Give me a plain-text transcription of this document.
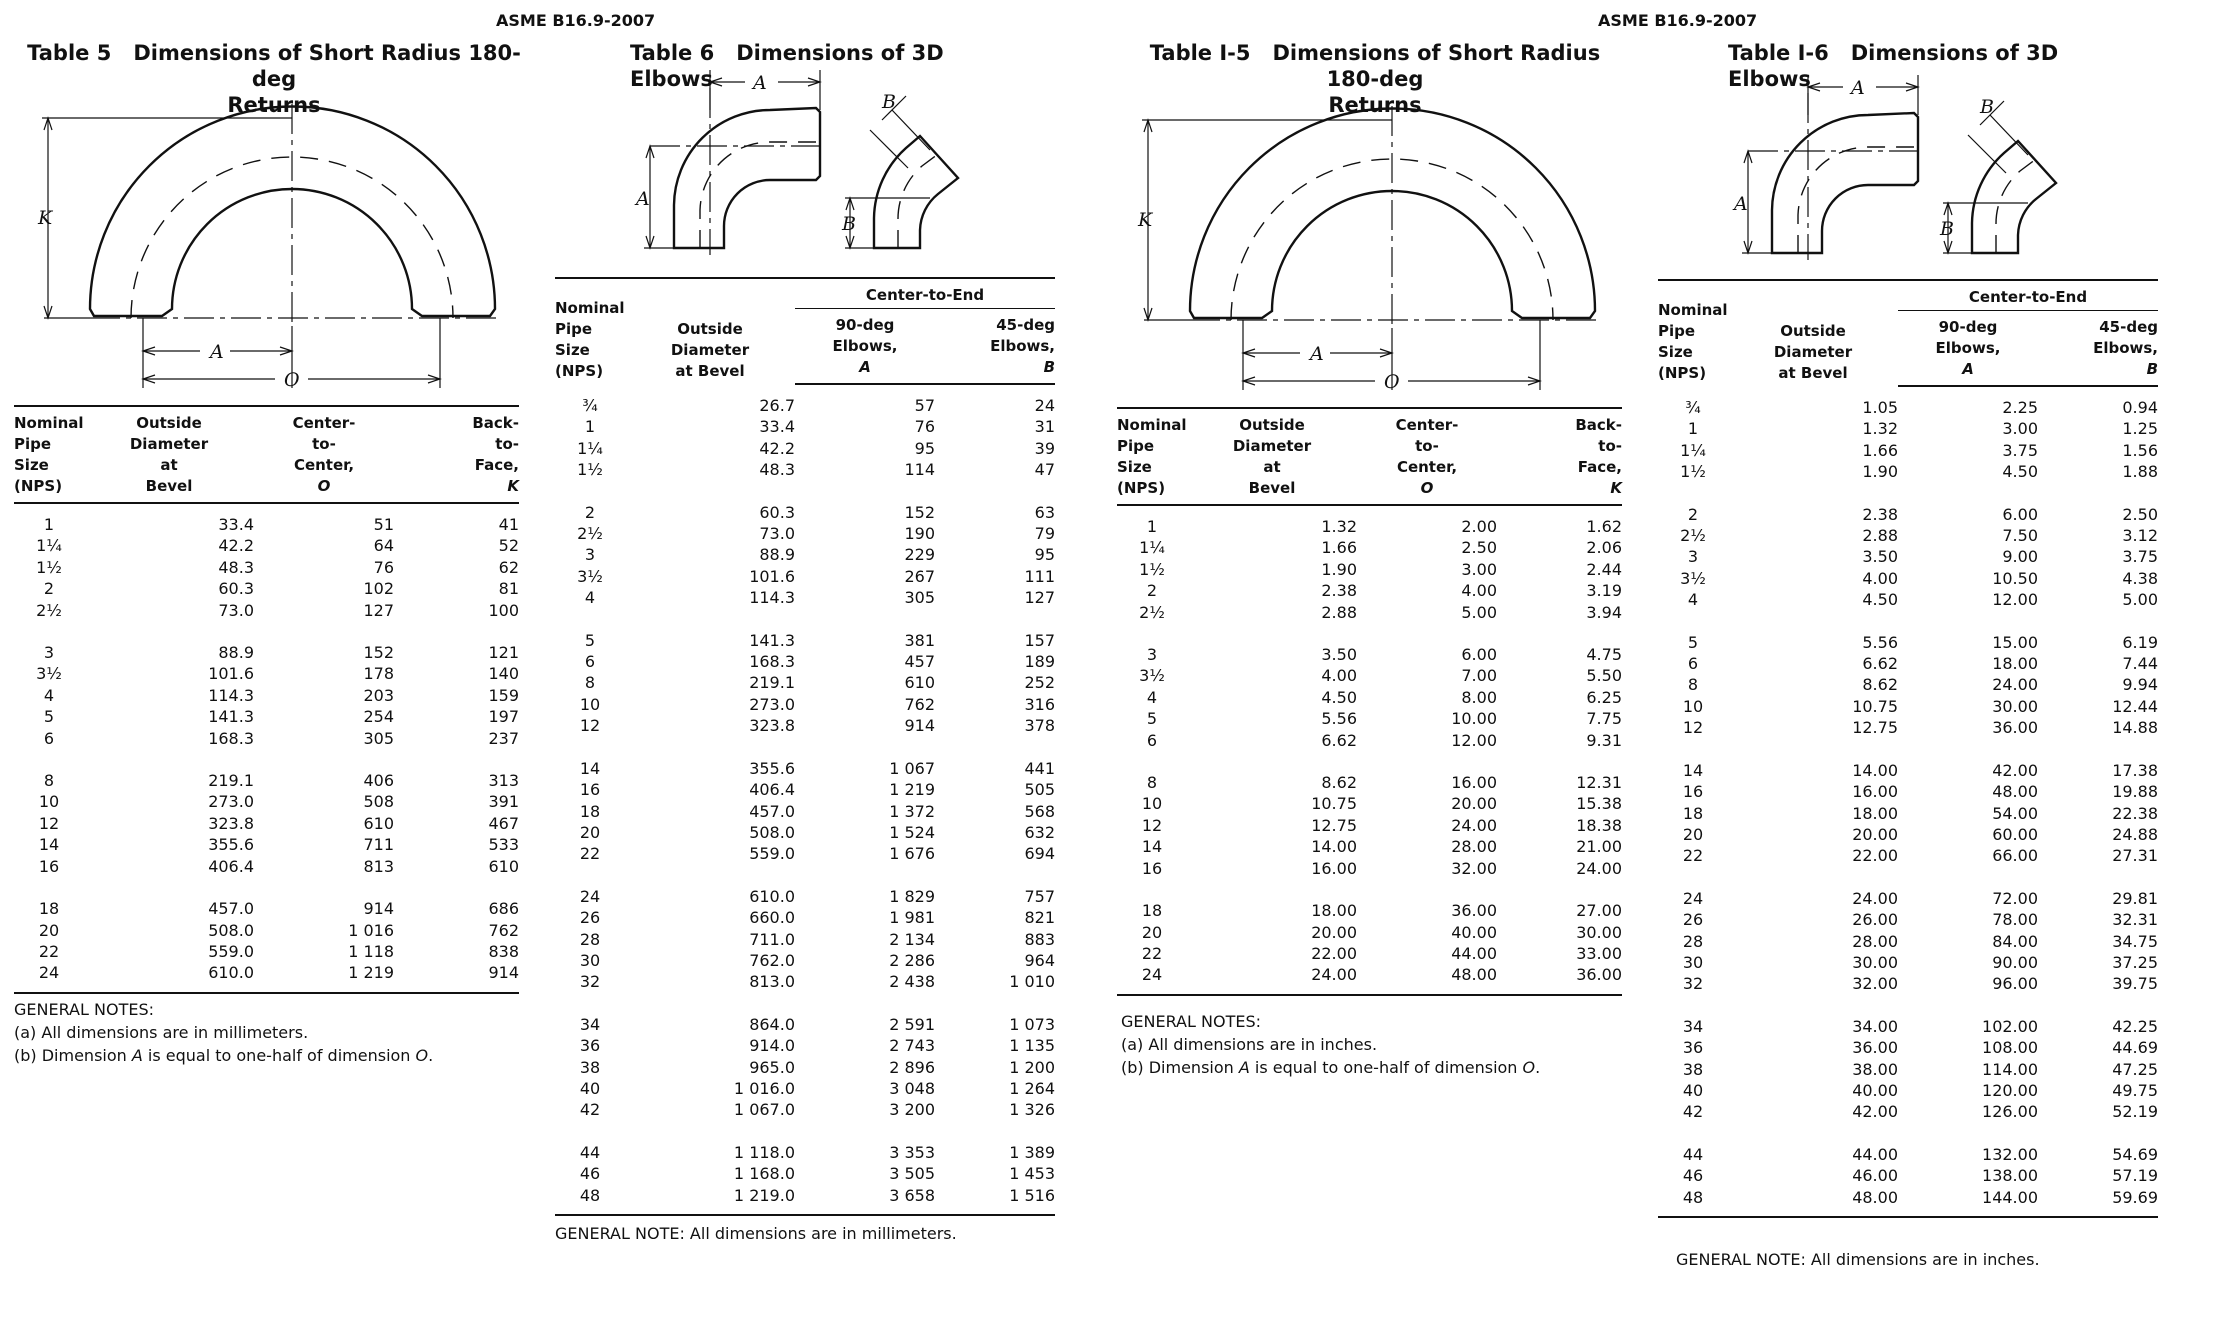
ASME B16.9-2007	ASME B16.9-2007
Table 5 Dimensions of Short Radius 180-deg
Returns
K
A
O
Nominal
Pipe
Size
(NPS)	Outside
Diameter
at
Bevel	Center-
to-
Center,
O	Back-
to-
Face,
K
1	33.4	51	41
1¼	42.2	64	52
1½	48.3	76	62
2	60.3	102	81
2½	73.0	127	100
3	88.9	152	121
3½	101.6	178	140
4	114.3	203	159
5	141.3	254	197
6	168.3	305	237
8	219.1	406	313
10	273.0	508	391
12	323.8	610	467
14	355.6	711	533
16	406.4	813	610
18	457.0	914	686
20	508.0	1 016	762
22	559.0	1 118	838
24	610.0	1 219	914
GENERAL NOTES:
(a) All dimensions are in millimeters.
(b) Dimension A is equal to one-half of dimension O.
Table 6 Dimensions of 3D Elbows	A
A
B
B
Nominal
Pipe
Size
(NPS)	Outside
Diameter
at Bevel	Center-to-End	
		90-deg
Elbows,
A	45-deg
Elbows,
B
¾	26.7	57	24
1	33.4	76	31
1¼	42.2	95	39
1½	48.3	114	47
2	60.3	152	63
2½	73.0	190	79
3	88.9	229	95
3½	101.6	267	111
4	114.3	305	127
5	141.3	381	157
6	168.3	457	189
8	219.1	610	252
10	273.0	762	316
12	323.8	914	378
14	355.6	1 067	441
16	406.4	1 219	505
18	457.0	1 372	568
20	508.0	1 524	632
22	559.0	1 676	694
24	610.0	1 829	757
26	660.0	1 981	821
28	711.0	2 134	883
30	762.0	2 286	964
32	813.0	2 438	1 010
34	864.0	2 591	1 073
36	914.0	2 743	1 135
38	965.0	2 896	1 200
40	1 016.0	3 048	1 264
42	1 067.0	3 200	1 326
44	1 118.0	3 353	1 389
46	1 168.0	3 505	1 453
48	1 219.0	3 658	1 516
GENERAL NOTE: All dimensions are in millimeters.
Table I-5 Dimensions of Short Radius 180-deg
Returns
K
A
O
Nominal
Pipe
Size
(NPS)	Outside
Diameter
at
Bevel	Center-
to-
Center,
O	Back-
to-
Face,
K
1	1.32	2.00	1.62
1¼	1.66	2.50	2.06
1½	1.90	3.00	2.44
2	2.38	4.00	3.19
2½	2.88	5.00	3.94
3	3.50	6.00	4.75
3½	4.00	7.00	5.50
4	4.50	8.00	6.25
5	5.56	10.00	7.75
6	6.62	12.00	9.31
8	8.62	16.00	12.31
10	10.75	20.00	15.38
12	12.75	24.00	18.38
14	14.00	28.00	21.00
16	16.00	32.00	24.00
18	18.00	36.00	27.00
20	20.00	40.00	30.00
22	22.00	44.00	33.00
24	24.00	48.00	36.00
GENERAL NOTES:
(a) All dimensions are in inches.
(b) Dimension A is equal to one-half of dimension O.
Table I-6 Dimensions of 3D Elbows	A
A
B
B
Nominal
Pipe
Size
(NPS)	Outside
Diameter
at Bevel	Center-to-End	
		90-deg
Elbows,
A	45-deg
Elbows,
B
¾	1.05	2.25	0.94
1	1.32	3.00	1.25
1¼	1.66	3.75	1.56
1½	1.90	4.50	1.88
2	2.38	6.00	2.50
2½	2.88	7.50	3.12
3	3.50	9.00	3.75
3½	4.00	10.50	4.38
4	4.50	12.00	5.00
5	5.56	15.00	6.19
6	6.62	18.00	7.44
8	8.62	24.00	9.94
10	10.75	30.00	12.44
12	12.75	36.00	14.88
14	14.00	42.00	17.38
16	16.00	48.00	19.88
18	18.00	54.00	22.38
20	20.00	60.00	24.88
22	22.00	66.00	27.31
24	24.00	72.00	29.81
26	26.00	78.00	32.31
28	28.00	84.00	34.75
30	30.00	90.00	37.25
32	32.00	96.00	39.75
34	34.00	102.00	42.25
36	36.00	108.00	44.69
38	38.00	114.00	47.25
40	40.00	120.00	49.75
42	42.00	126.00	52.19
44	44.00	132.00	54.69
46	46.00	138.00	57.19
48	48.00	144.00	59.69
GENERAL NOTE: All dimensions are in inches.
